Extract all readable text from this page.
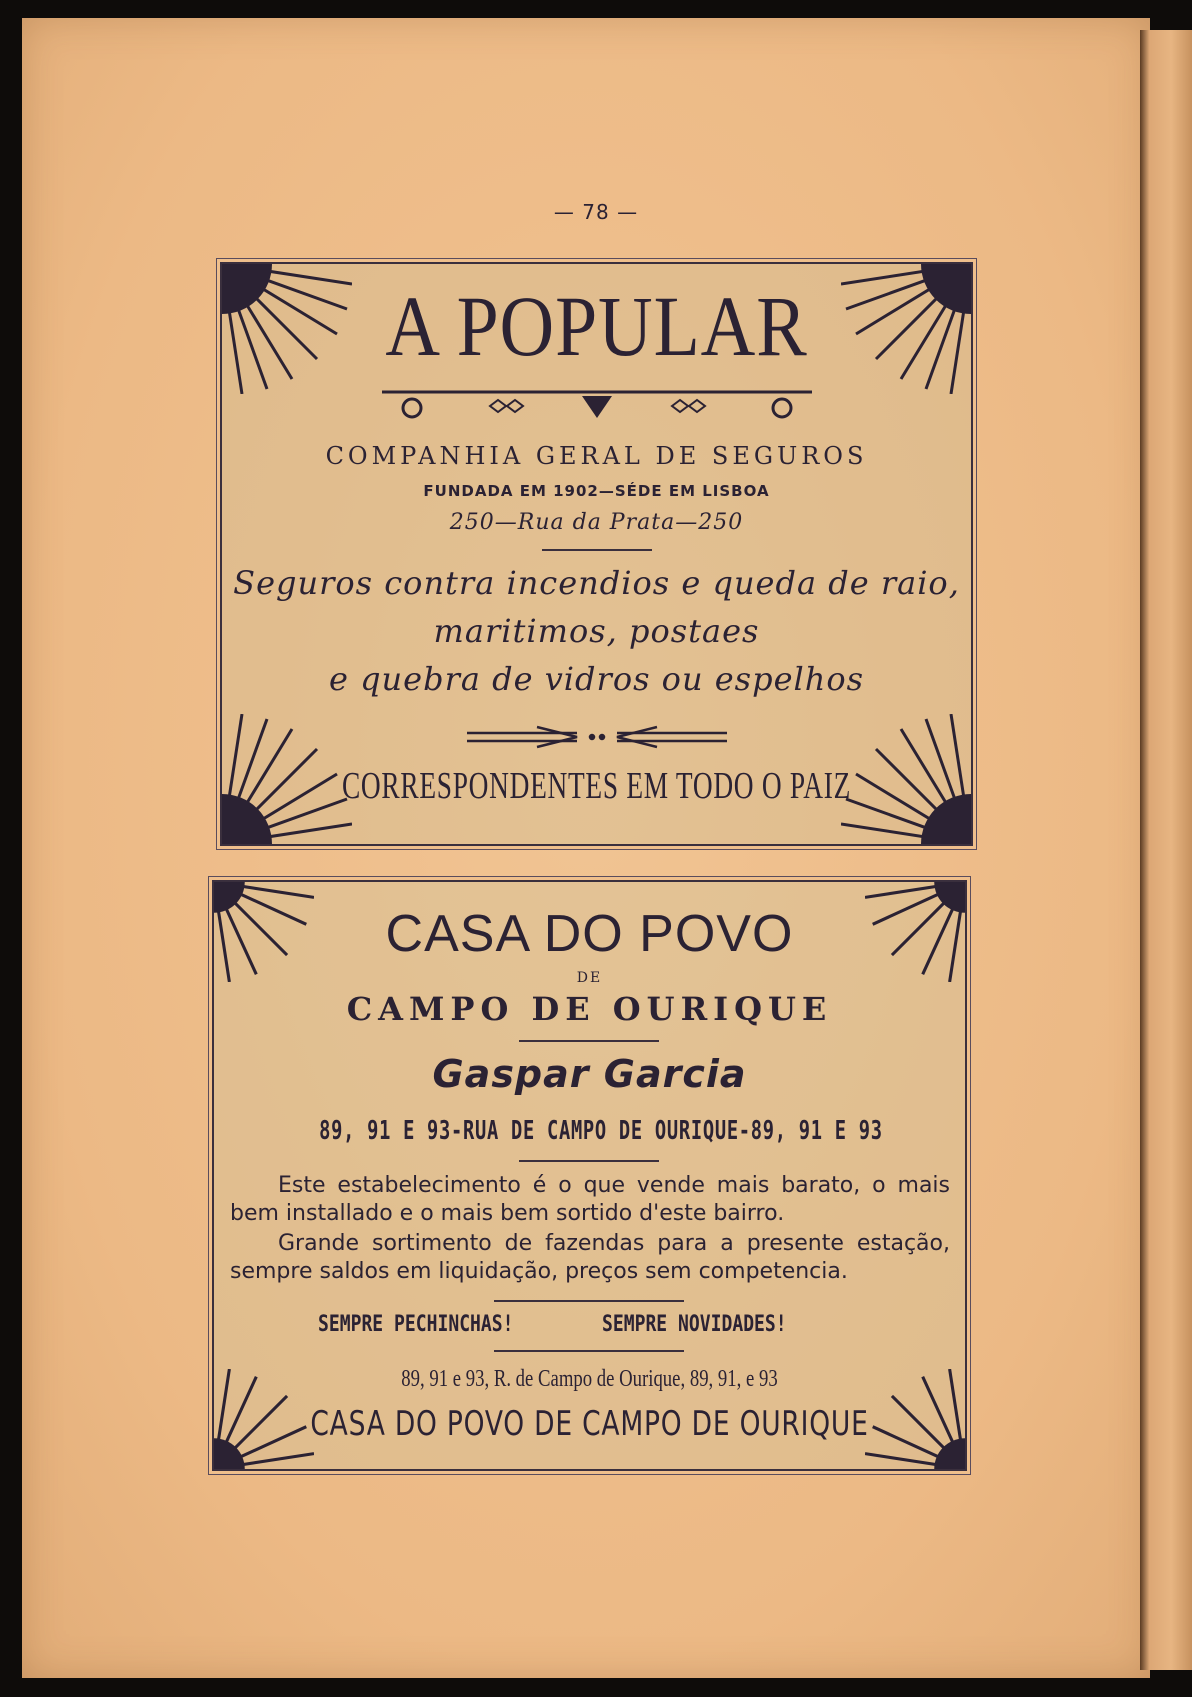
— 78 —
A POPULAR
COMPANHIA GERAL DE SEGUROS
FUNDADA EM 1902—SÉDE EM LISBOA
250—Rua da Prata—250
Seguros contra incendios e queda de raio,
maritimos, postaes
e quebra de vidros ou espelhos
CORRESPONDENTES EM TODO O PAIZ
CASA DO POVO
DE
CAMPO DE OURIQUE
Gaspar Garcia
89, 91 E 93-RUA DE CAMPO DE OURIQUE-89, 91 E 93
Este estabelecimento é o que vende mais barato, o mais bem installado e o mais bem sortido d'este bairro.
Grande sortimento de fazendas para a presente estação, sempre saldos em liquidação, preços sem competencia.
SEMPRE PECHINCHAS!	SEMPRE NOVIDADES!
89, 91 e 93, R. de Campo de Ourique, 89, 91, e 93
CASA DO POVO DE CAMPO DE OURIQUE
